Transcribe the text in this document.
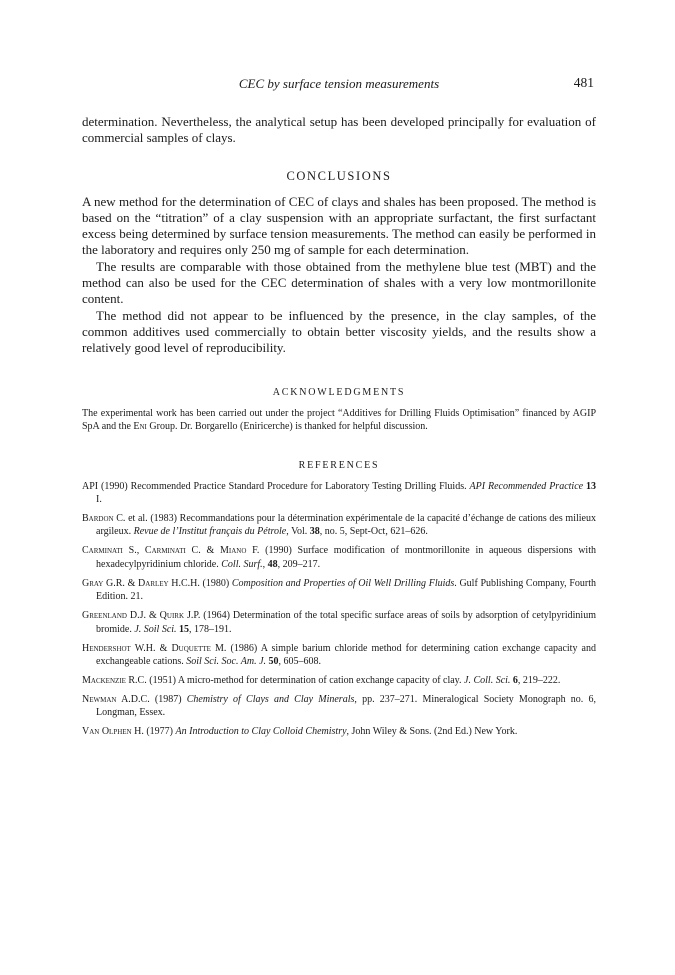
CEC by surface tension measurements	481

determination. Nevertheless, the analytical setup has been developed principally for evaluation of commercial samples of clays.

CONCLUSIONS

A new method for the determination of CEC of clays and shales has been proposed. The method is based on the “titration” of a clay suspension with an appropriate surfactant, the first surfactant excess being determined by surface tension measurements. The method can easily be performed in the laboratory and requires only 250 mg of sample for each determination.

The results are comparable with those obtained from the methylene blue test (MBT) and the method can also be used for the CEC determination of shales with a very low montmorillonite content.

The method did not appear to be influenced by the presence, in the clay samples, of the common additives used commercially to obtain better viscosity yields, and the results show a relatively good level of reproducibility.

ACKNOWLEDGMENTS

The experimental work has been carried out under the project “Additives for Drilling Fluids Optimisation” financed by AGIP SpA and the Eni Group. Dr. Borgarello (Eniricerche) is thanked for helpful discussion.

REFERENCES
API (1990) Recommended Practice Standard Procedure for Laboratory Testing Drilling Fluids. API Recommended Practice 13 I.
Bardon C. et al. (1983) Recommandations pour la détermination expérimentale de la capacité d’échange de cations des milieux argileux. Revue de l’Institut français du Pétrole, Vol. 38, no. 5, Sept-Oct, 621–626.
Carminati S., Carminati C. & Miano F. (1990) Surface modification of montmorillonite in aqueous dispersions with hexadecylpyridinium chloride. Coll. Surf., 48, 209–217.
Gray G.R. & Darley H.C.H. (1980) Composition and Properties of Oil Well Drilling Fluids. Gulf Publishing Company, Fourth Edition. 21.
Greenland D.J. & Quirk J.P. (1964) Determination of the total specific surface areas of soils by adsorption of cetylpyridinium bromide. J. Soil Sci. 15, 178–191.
Hendershot W.H. & Duquette M. (1986) A simple barium chloride method for determining cation exchange capacity and exchangeable cations. Soil Sci. Soc. Am. J. 50, 605–608.
Mackenzie R.C. (1951) A micro-method for determination of cation exchange capacity of clay. J. Coll. Sci. 6, 219–222.
Newman A.D.C. (1987) Chemistry of Clays and Clay Minerals, pp. 237–271. Mineralogical Society Monograph no. 6, Longman, Essex.
Van Olphen H. (1977) An Introduction to Clay Colloid Chemistry, John Wiley & Sons. (2nd Ed.) New York.
